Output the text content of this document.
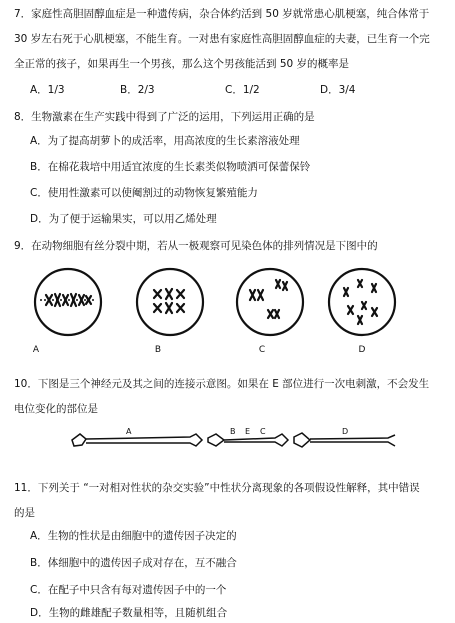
7．家庭性高胆固醇血症是一种遗传病，杂合体约活到 50 岁就常患心肌梗塞，纯合体常于
30 岁左右死于心肌梗塞，不能生育。一对患有家庭性高胆固醇血症的夫妻，已生育一个完
全正常的孩子，如果再生一个男孩，那么这个男孩能活到 50 岁的概率是
A．1/3	B．2/3	C．1/2	D．3/4
8．生物激素在生产实践中得到了广泛的运用，下列运用正确的是
A．为了提高胡萝卜的成活率，用高浓度的生长素溶液处理
B．在棉花栽培中用适宜浓度的生长素类似物喷洒可保蕾保铃
C．使用性激素可以使阉割过的动物恢复繁殖能力
D．为了便于运输果实，可以用乙烯处理
9．在动物细胞有丝分裂中期，若从一极观察可见染色体的排列情况是下图中的
A	B	C	D
10．下图是三个神经元及其之间的连接示意图。如果在 E 部位进行一次电刺激，不会发生
电位变化的部位是
A	B E C	D
11．下列关于 “一对相对性状的杂交实验”中性状分离现象的各项假设性解释，其中错误
的是
A．生物的性状是由细胞中的遗传因子决定的
B．体细胞中的遗传因子成对存在，互不融合
C．在配子中只含有每对遗传因子中的一个
D．生物的雌雄配子数量相等，且随机组合
